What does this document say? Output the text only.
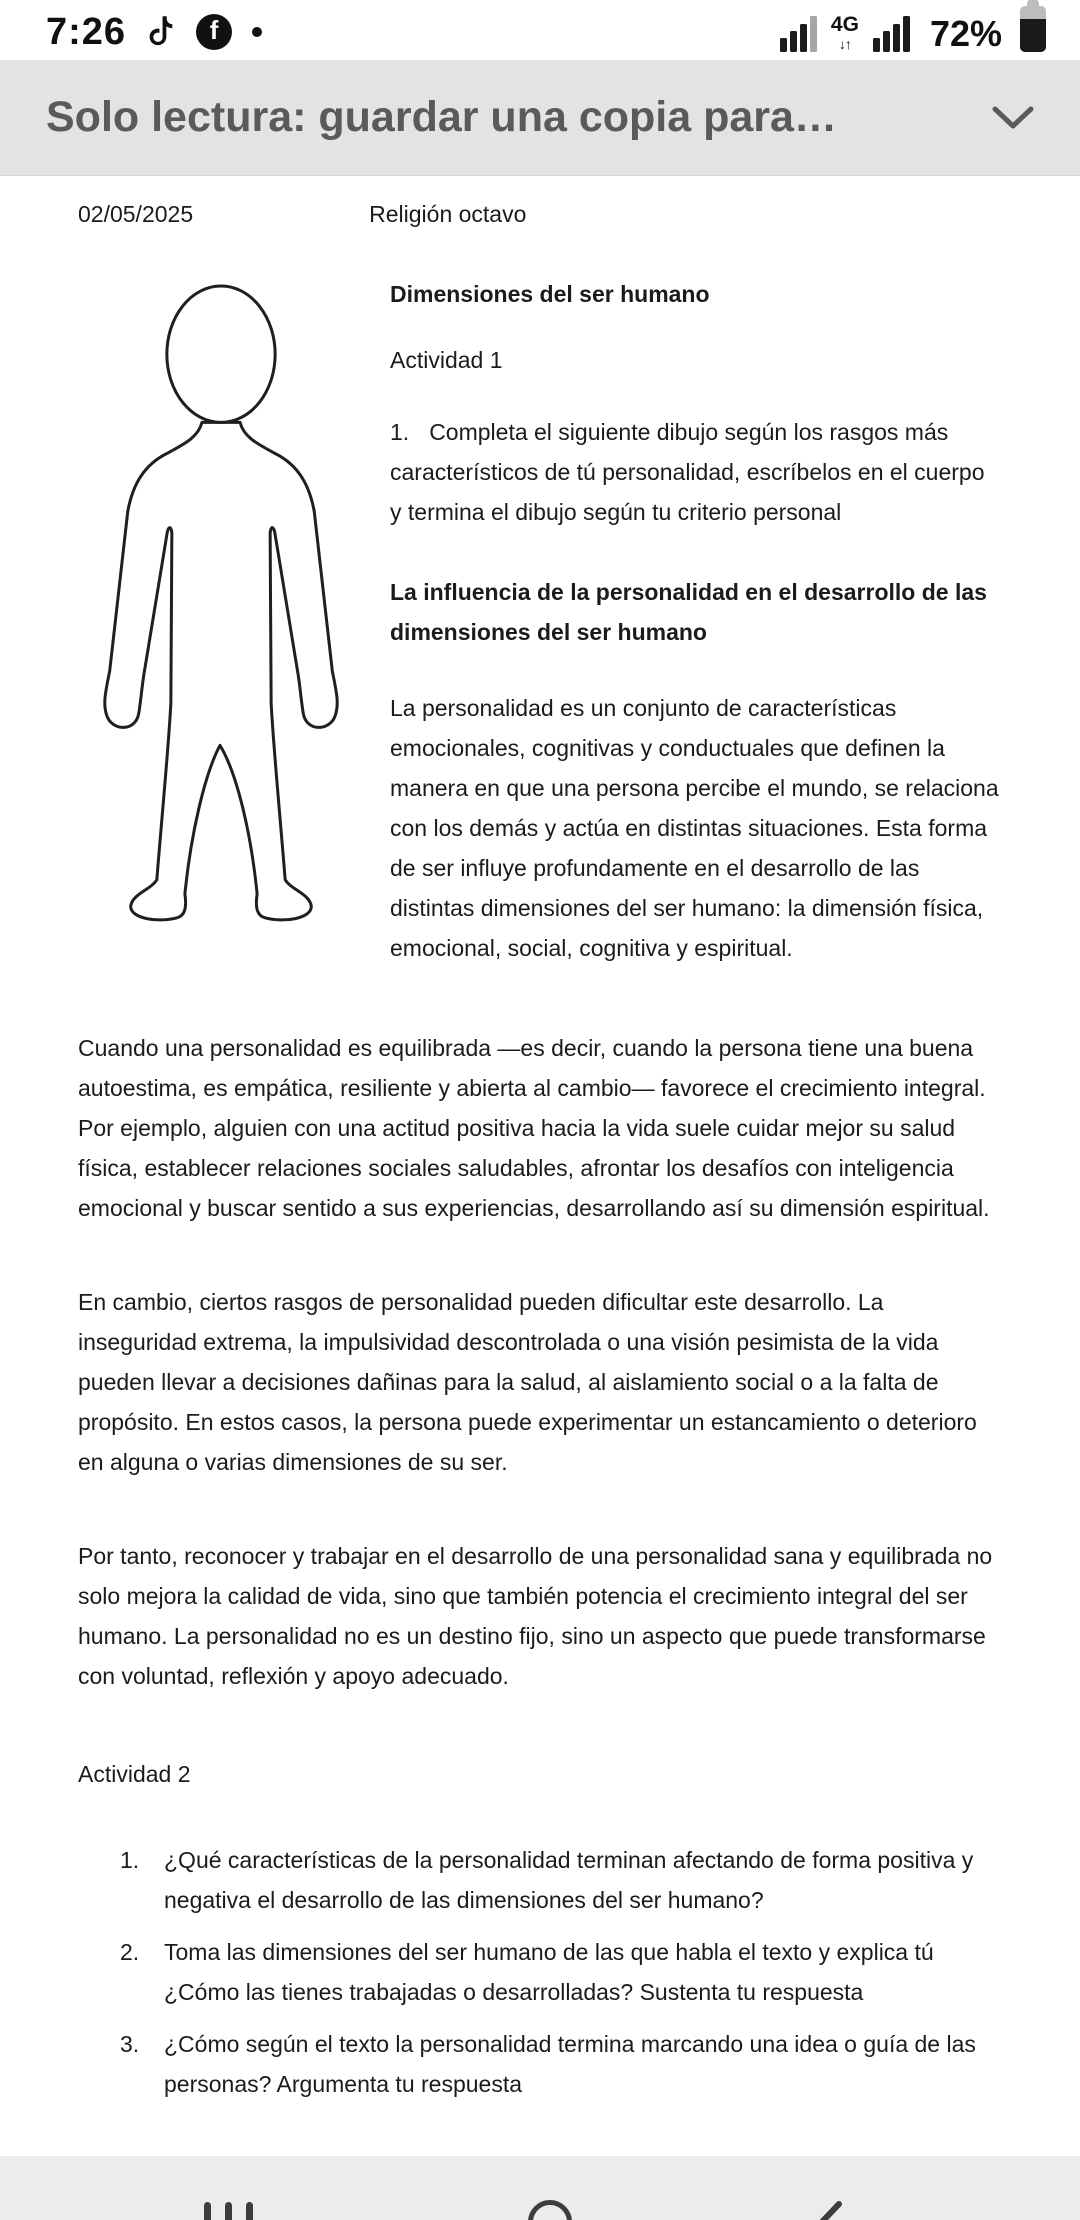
7:26	f	4G
↓↑ 72%
Solo lectura: guardar una copia para…
02/05/2025	Religión octavo

Dimensiones del ser humano

Actividad 1

1. Completa el siguiente dibujo según los rasgos más característicos de tú personalidad, escríbelos en el cuerpo y termina el dibujo según tu criterio personal

La influencia de la personalidad en el desarrollo de las dimensiones del ser humano

La personalidad es un conjunto de características emocionales, cognitivas y conductuales que definen la manera en que una persona percibe el mundo, se relaciona con los demás y actúa en distintas situaciones. Esta forma de ser influye profundamente en el desarrollo de las distintas dimensiones del ser humano: la dimensión física, emocional, social, cognitiva y espiritual.

Cuando una personalidad es equilibrada —es decir, cuando la persona tiene una buena autoestima, es empática, resiliente y abierta al cambio— favorece el crecimiento integral. Por ejemplo, alguien con una actitud positiva hacia la vida suele cuidar mejor su salud física, establecer relaciones sociales saludables, afrontar los desafíos con inteligencia emocional y buscar sentido a sus experiencias, desarrollando así su dimensión espiritual.

En cambio, ciertos rasgos de personalidad pueden dificultar este desarrollo. La inseguridad extrema, la impulsividad descontrolada o una visión pesimista de la vida pueden llevar a decisiones dañinas para la salud, al aislamiento social o a la falta de propósito. En estos casos, la persona puede experimentar un estancamiento o deterioro en alguna o varias dimensiones de su ser.

Por tanto, reconocer y trabajar en el desarrollo de una personalidad sana y equilibrada no solo mejora la calidad de vida, sino que también potencia el crecimiento integral del ser humano. La personalidad no es un destino fijo, sino un aspecto que puede transformarse con voluntad, reflexión y apoyo adecuado.

Actividad 2

1.	¿Qué características de la personalidad terminan afectando de forma positiva y negativa el desarrollo de las dimensiones del ser humano?
2.	Toma las dimensiones del ser humano de las que habla el texto y explica tú ¿Cómo las tienes trabajadas o desarrolladas? Sustenta tu respuesta
3.	¿Cómo según el texto la personalidad termina marcando una idea o guía de las personas? Argumenta tu respuesta
